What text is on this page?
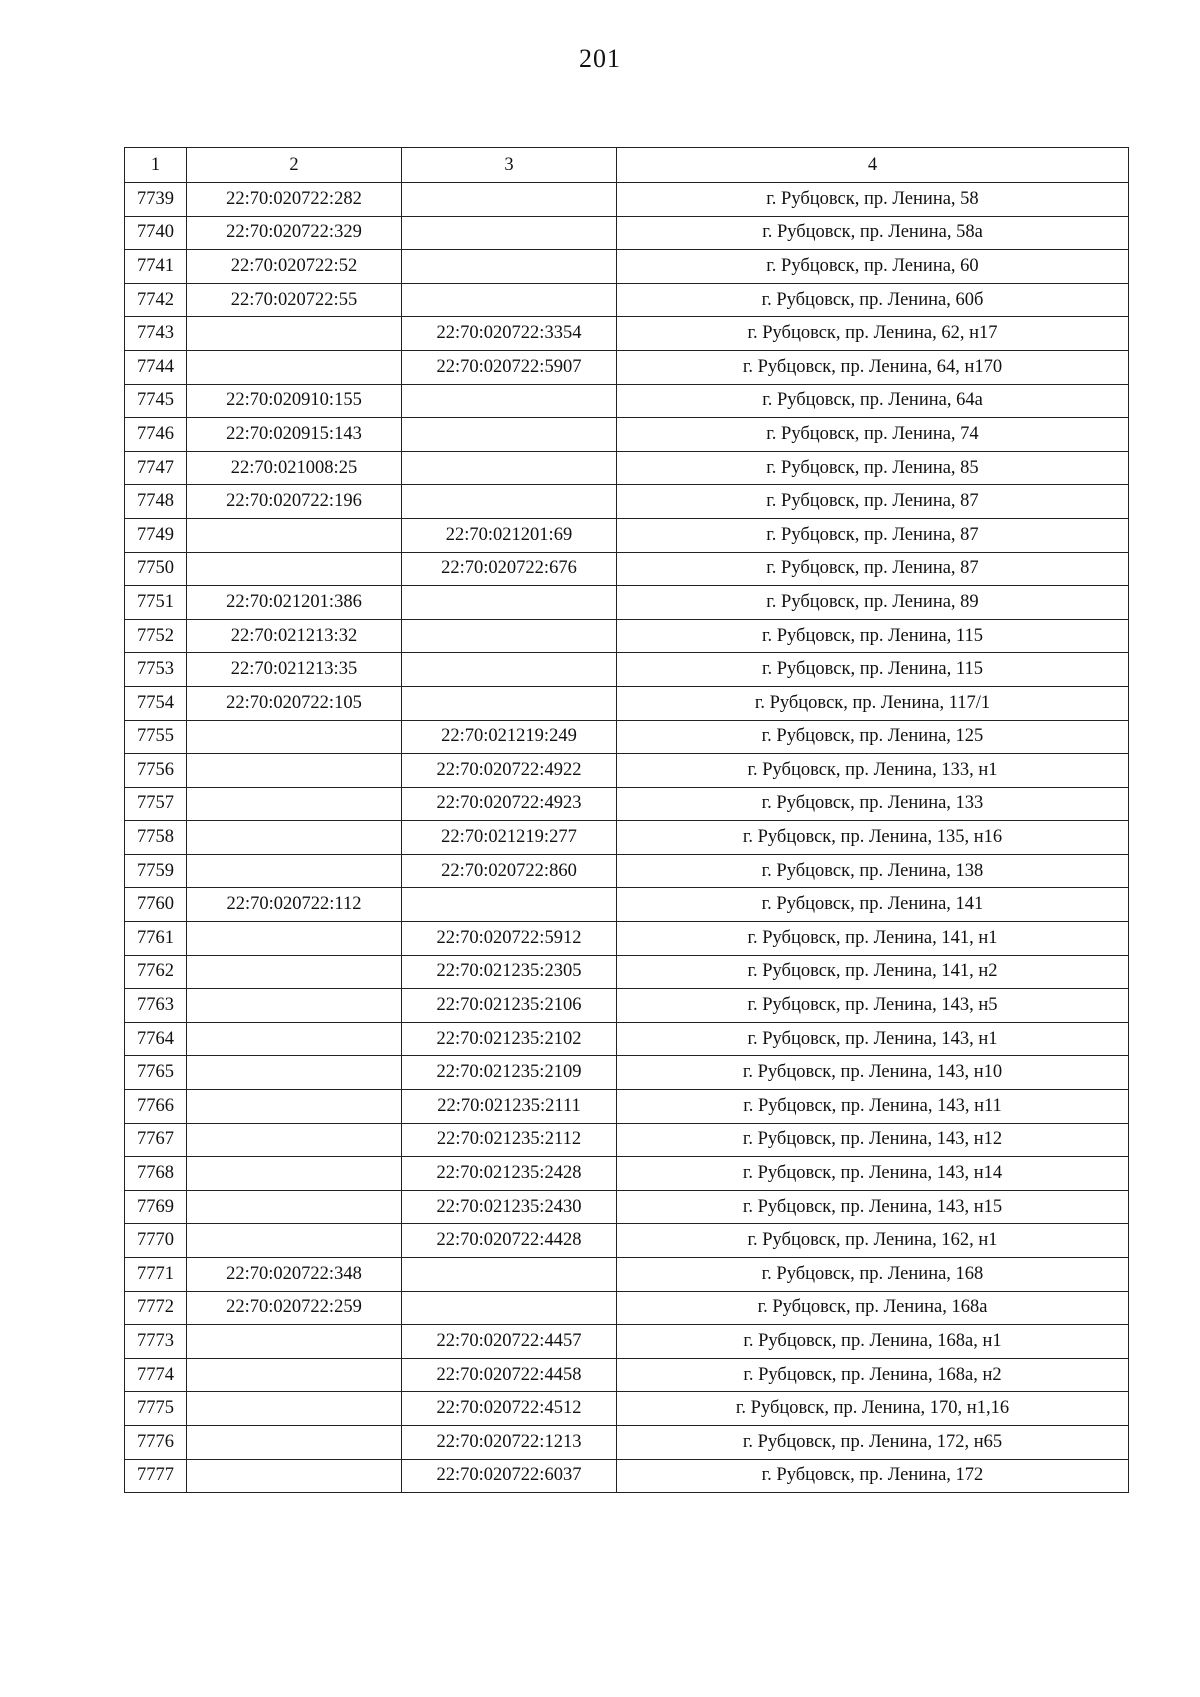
201
1	2	3	4
7739	22:70:020722:282		г. Рубцовск, пр. Ленина, 58
7740	22:70:020722:329		г. Рубцовск, пр. Ленина, 58а
7741	22:70:020722:52		г. Рубцовск, пр. Ленина, 60
7742	22:70:020722:55		г. Рубцовск, пр. Ленина, 60б
7743		22:70:020722:3354	г. Рубцовск, пр. Ленина, 62, н17
7744		22:70:020722:5907	г. Рубцовск, пр. Ленина, 64, н170
7745	22:70:020910:155		г. Рубцовск, пр. Ленина, 64а
7746	22:70:020915:143		г. Рубцовск, пр. Ленина, 74
7747	22:70:021008:25		г. Рубцовск, пр. Ленина, 85
7748	22:70:020722:196		г. Рубцовск, пр. Ленина, 87
7749		22:70:021201:69	г. Рубцовск, пр. Ленина, 87
7750		22:70:020722:676	г. Рубцовск, пр. Ленина, 87
7751	22:70:021201:386		г. Рубцовск, пр. Ленина, 89
7752	22:70:021213:32		г. Рубцовск, пр. Ленина, 115
7753	22:70:021213:35		г. Рубцовск, пр. Ленина, 115
7754	22:70:020722:105		г. Рубцовск, пр. Ленина, 117/1
7755		22:70:021219:249	г. Рубцовск, пр. Ленина, 125
7756		22:70:020722:4922	г. Рубцовск, пр. Ленина, 133, н1
7757		22:70:020722:4923	г. Рубцовск, пр. Ленина, 133
7758		22:70:021219:277	г. Рубцовск, пр. Ленина, 135, н16
7759		22:70:020722:860	г. Рубцовск, пр. Ленина, 138
7760	22:70:020722:112		г. Рубцовск, пр. Ленина, 141
7761		22:70:020722:5912	г. Рубцовск, пр. Ленина, 141, н1
7762		22:70:021235:2305	г. Рубцовск, пр. Ленина, 141, н2
7763		22:70:021235:2106	г. Рубцовск, пр. Ленина, 143, н5
7764		22:70:021235:2102	г. Рубцовск, пр. Ленина, 143, н1
7765		22:70:021235:2109	г. Рубцовск, пр. Ленина, 143, н10
7766		22:70:021235:2111	г. Рубцовск, пр. Ленина, 143, н11
7767		22:70:021235:2112	г. Рубцовск, пр. Ленина, 143, н12
7768		22:70:021235:2428	г. Рубцовск, пр. Ленина, 143, н14
7769		22:70:021235:2430	г. Рубцовск, пр. Ленина, 143, н15
7770		22:70:020722:4428	г. Рубцовск, пр. Ленина, 162, н1
7771	22:70:020722:348		г. Рубцовск, пр. Ленина, 168
7772	22:70:020722:259		г. Рубцовск, пр. Ленина, 168а
7773		22:70:020722:4457	г. Рубцовск, пр. Ленина, 168а, н1
7774		22:70:020722:4458	г. Рубцовск, пр. Ленина, 168а, н2
7775		22:70:020722:4512	г. Рубцовск, пр. Ленина, 170, н1,16
7776		22:70:020722:1213	г. Рубцовск, пр. Ленина, 172, н65
7777		22:70:020722:6037	г. Рубцовск, пр. Ленина, 172
